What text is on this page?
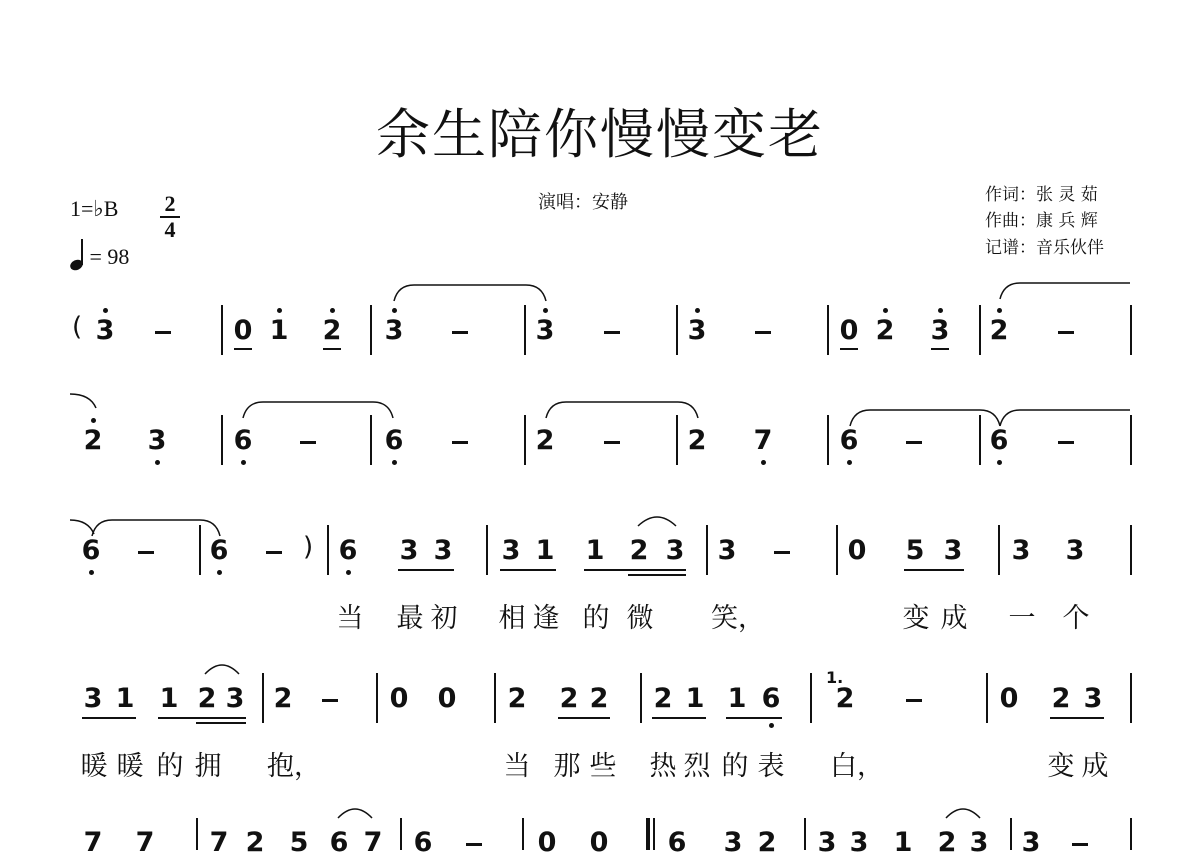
余生陪你慢慢变老
演唱：安静	作词：张 灵 茹
作曲：康 兵 辉
记谱：音乐伙伴
1=♭B 2
4
= 98
( 3	0 1 2 3	3	3	0 2 3 2
2 3 6	6	2	2 7 6	6
6	6	) 6 3 3 3 1 1 2 3 3	0 5 3 3 3
当 最 初 相 逢 的 微 笑，	变 成 一 个
3 1 1 2 3 2	0 0 2 2 2 2 1 1 6
1.
2	0 2 3
暖 暖 的 拥 抱，	当 那 些 热 烈 的 表 白，	变 成
7 7 7 2 5 6 7 6	0 0 6 3 2 3 3 1 2 3 3
